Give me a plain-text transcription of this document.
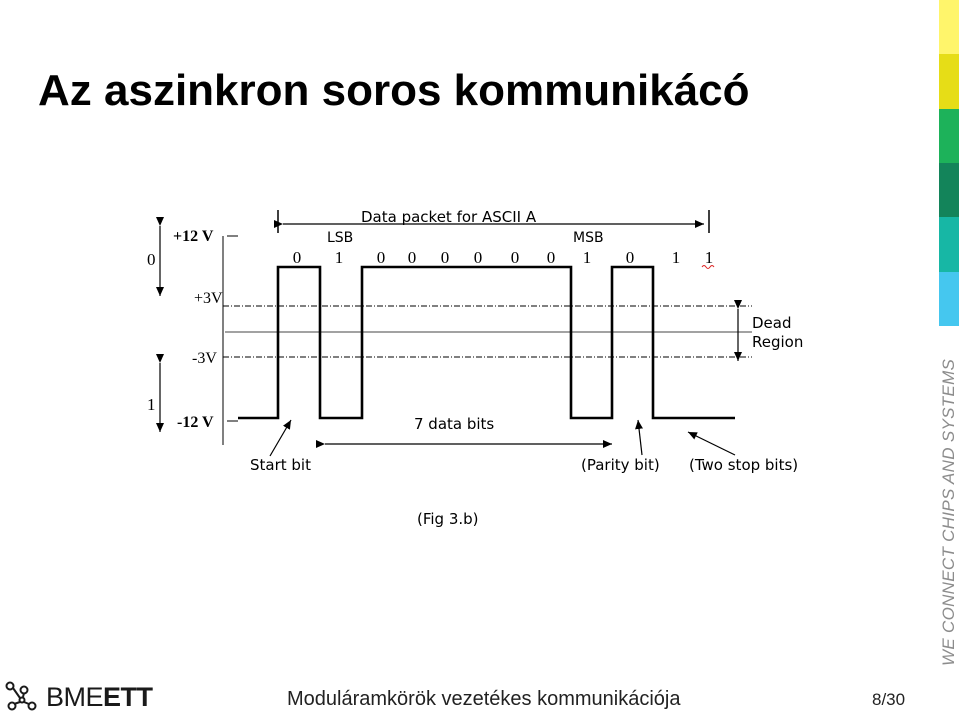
Az aszinkron soros kommunikácó
WE CONNECT CHIPS AND SYSTEMS
Data packet for ASCII A
LSB	MSB
0 1 0 0 0 0 0 0 1 0 1 1
+12 V
+3V
-3V
-12 V
0
1
Dead
Region
7 data bits
Start bit	(Parity bit) (Two stop bits)
(Fig 3.b)
BMEETT	Moduláramkörök vezetékes kommunikációja	8/30
